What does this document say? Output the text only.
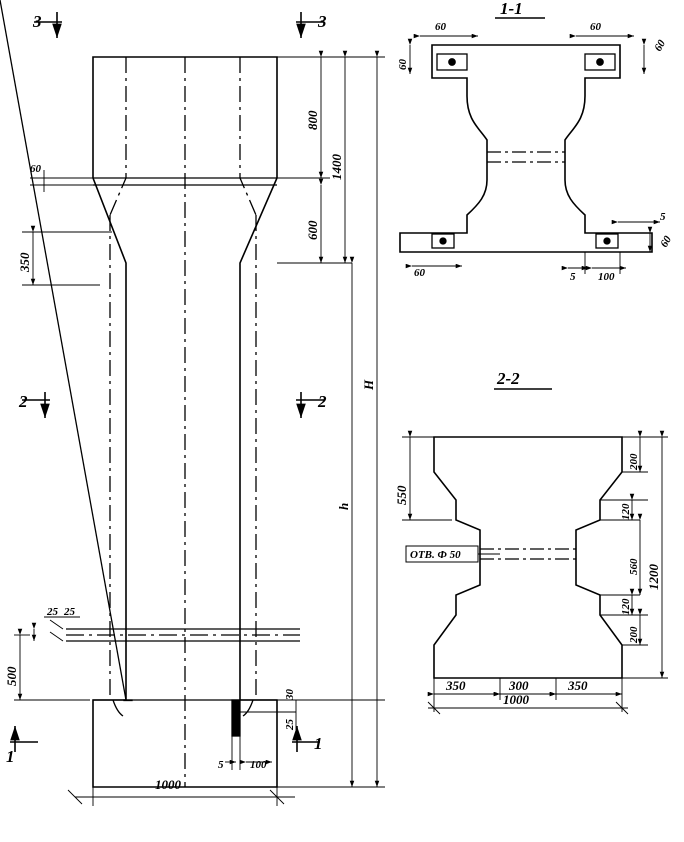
3	3
2	2
1
1
800
600
1400
h
H
60
350
25 25
500
5 100
30
25
1000
1-1
60
60
60
60
60
5
60
5 100
2-2
ОТВ. Ф 50
550
200
120
560
120
200
1200
350	300	350
1000
